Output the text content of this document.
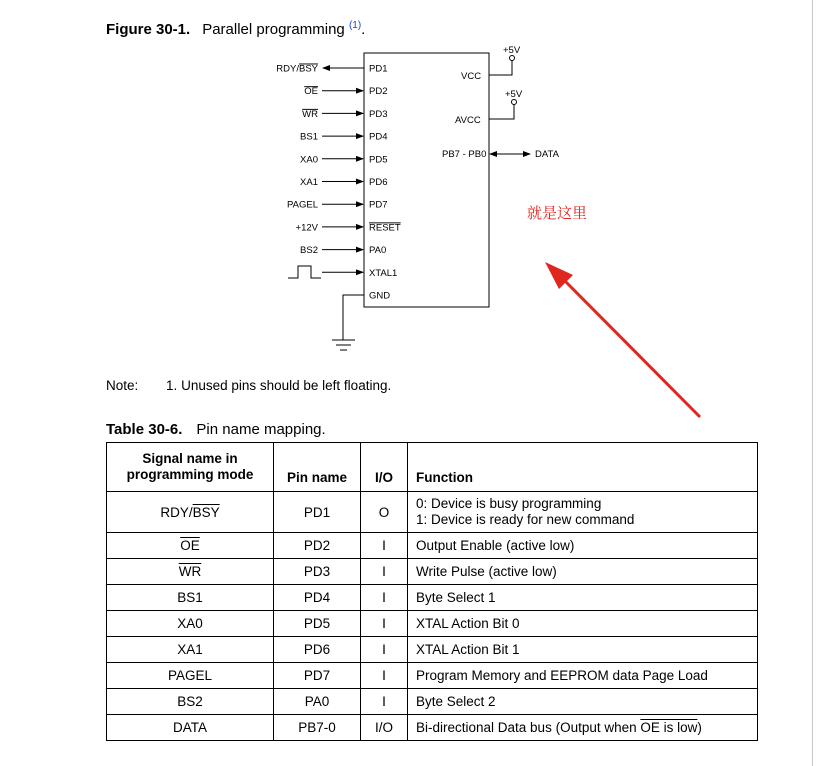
Figure 30-1. Parallel programming $^{(1)}$.
PD1
RDY/BSY
PD2
OE
PD3
WR
PD4
BS1
PD5
XA0
PD6
XA1
PD7
PAGEL
RESET
+12V
PA0
BS2
XTAL1
GND
VCC
+5V
AVCC
+5V
PB7 - PB0	DATA
就是这里
Note: 1. Unused pins should be left floating.
Table 30-6. Pin name mapping.
Signal name in
programming mode	Pin name	I/O	Function
RDY/$\overline{BSY}$	PD1	O	0: Device is busy programming
1: Device is ready for new command

$\overline{OE}$	PD2	I	Output Enable (active low)

$\overline{WR}$	PD3	I	Write Pulse (active low)

BS1	PD4	I	Byte Select 1

XA0	PD5	I	XTAL Action Bit 0

XA1	PD6	I	XTAL Action Bit 1

PAGEL	PD7	I	Program Memory and EEPROM data Page Load

BS2	PA0	I	Byte Select 2

DATA	PB7-0	I/O	Bi-directional Data bus (Output when OE is low)
